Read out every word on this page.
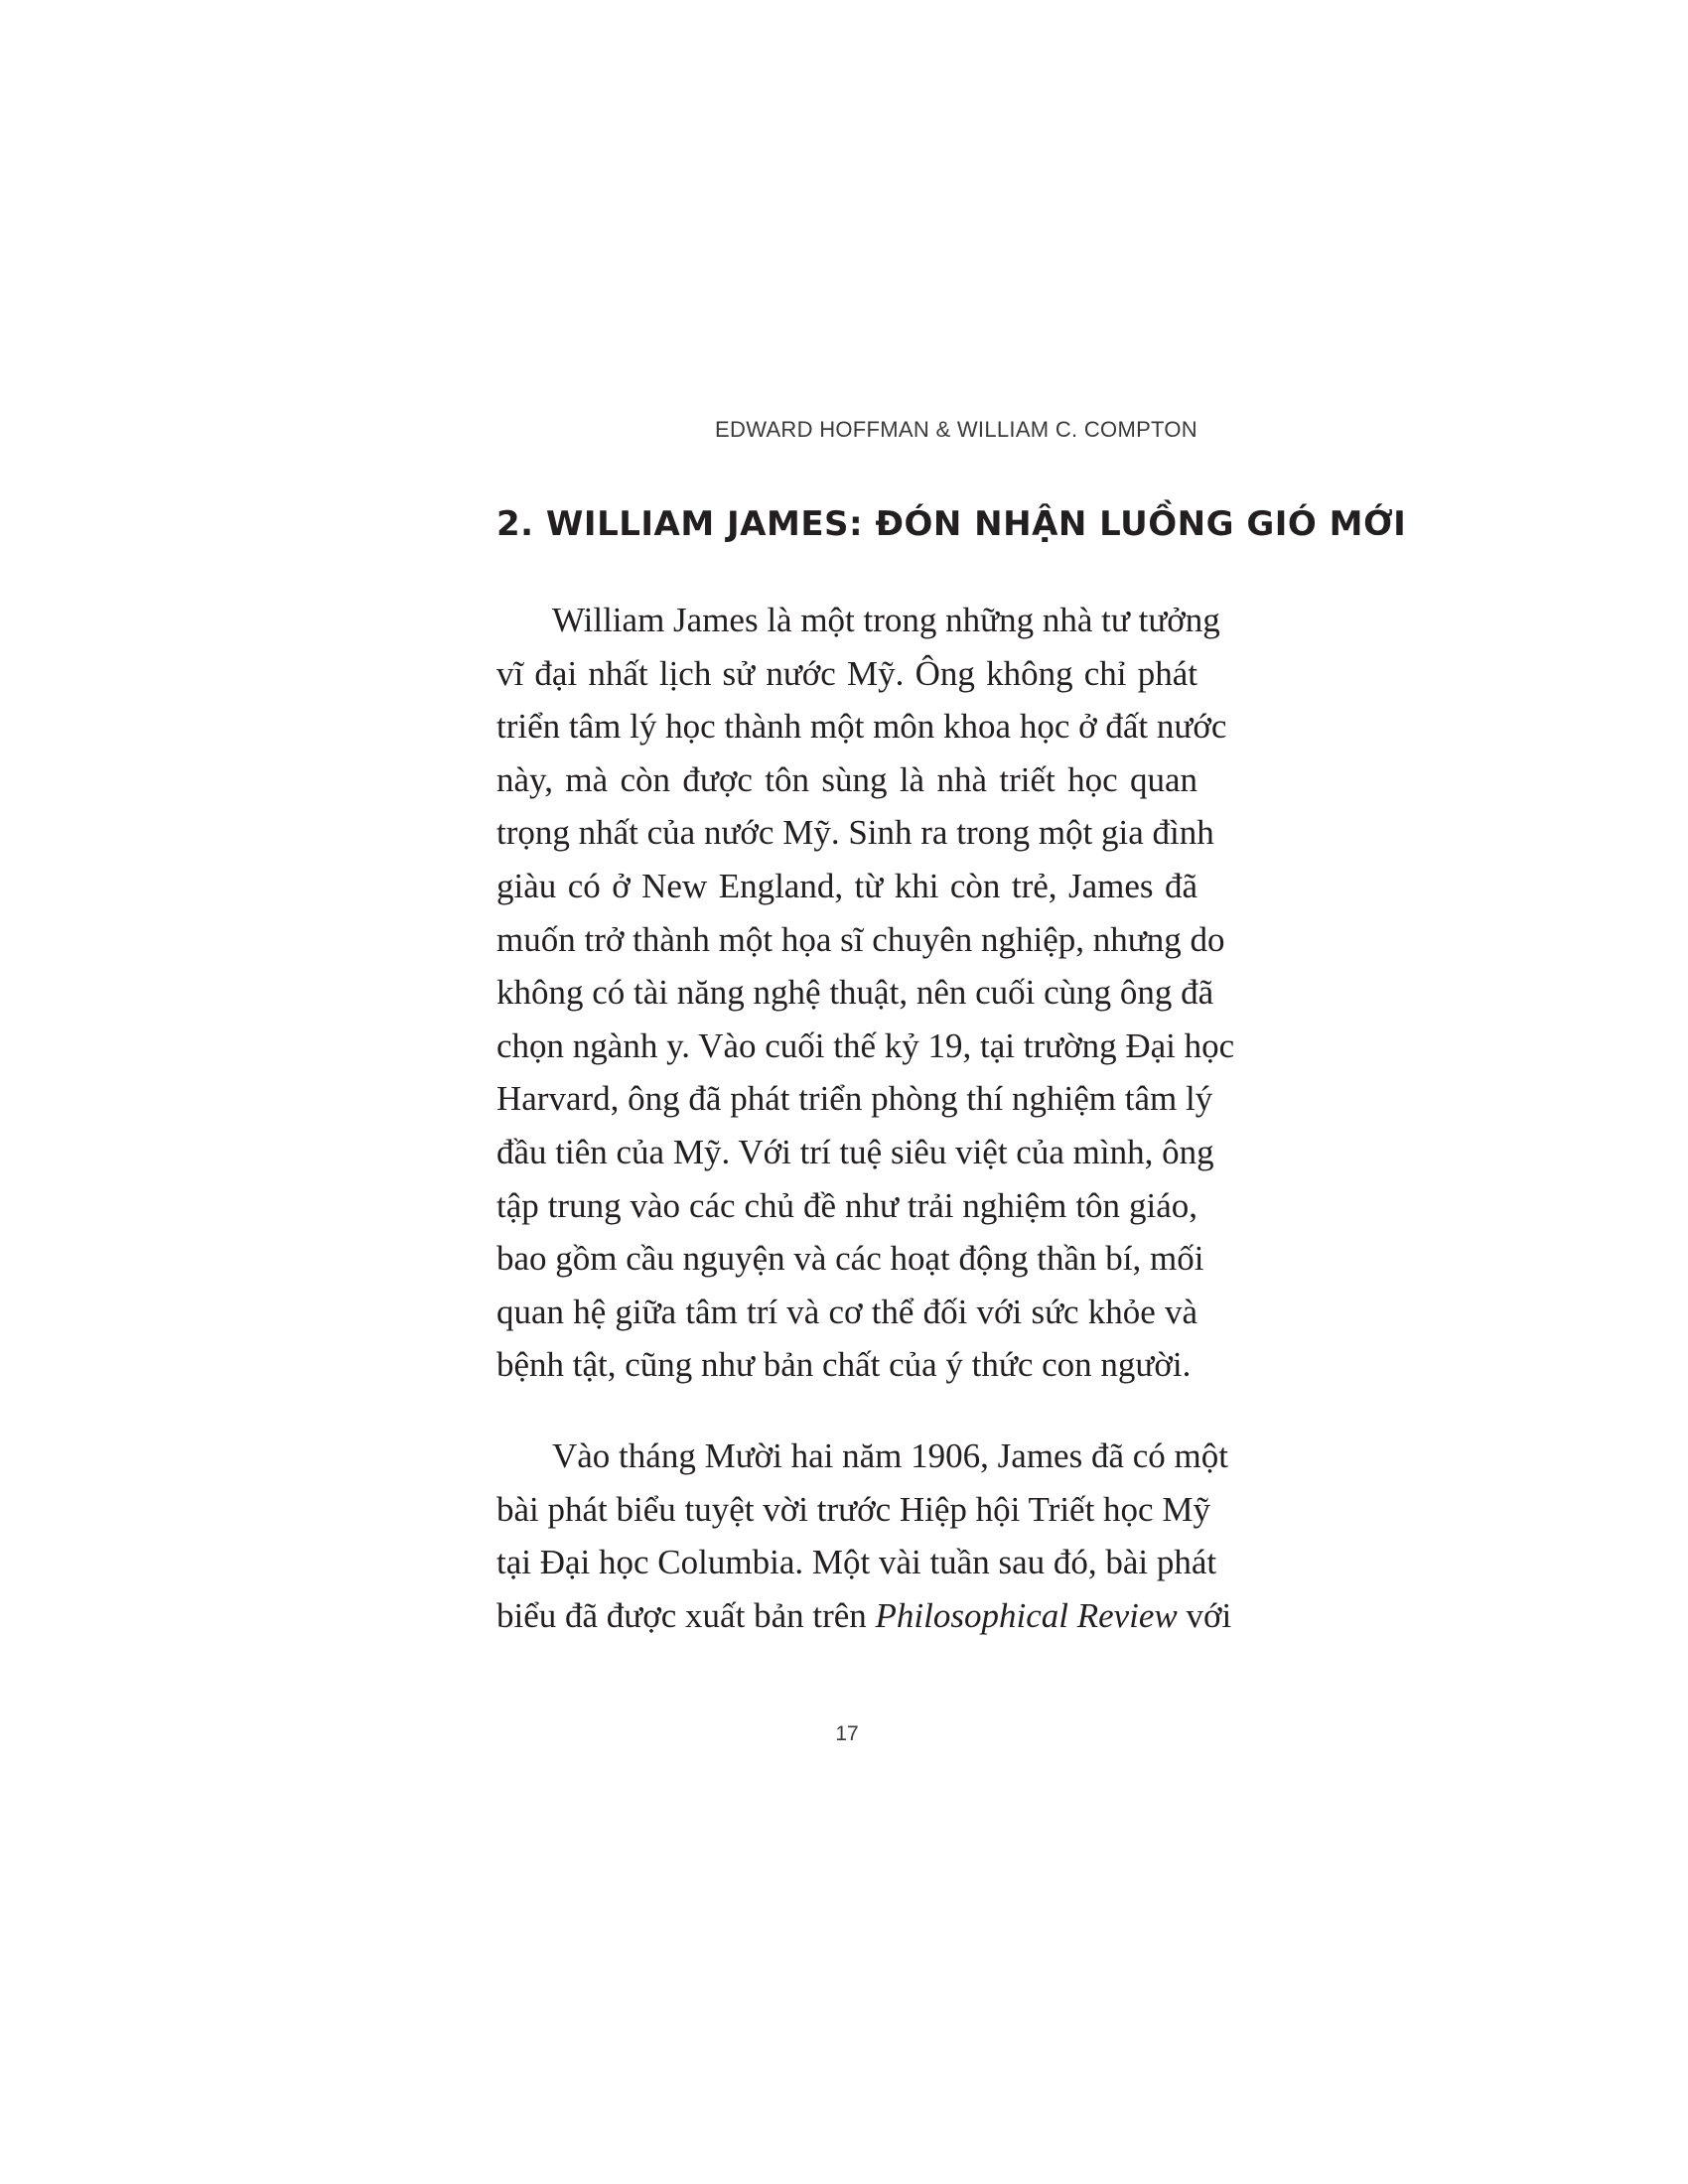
EDWARD HOFFMAN & WILLIAM C. COMPTON
2. WILLIAM JAMES: ĐÓN NHẬN LUỒNG GIÓ MỚI
William James là một trong những nhà tư tưởng
vĩ đại nhất lịch sử nước Mỹ. Ông không chỉ phát
triển tâm lý học thành một môn khoa học ở đất nước
này, mà còn được tôn sùng là nhà triết học quan
trọng nhất của nước Mỹ. Sinh ra trong một gia đình
giàu có ở New England, từ khi còn trẻ, James đã
muốn trở thành một họa sĩ chuyên nghiệp, nhưng do
không có tài năng nghệ thuật, nên cuối cùng ông đã
chọn ngành y. Vào cuối thế kỷ 19, tại trường Đại học
Harvard, ông đã phát triển phòng thí nghiệm tâm lý
đầu tiên của Mỹ. Với trí tuệ siêu việt của mình, ông
tập trung vào các chủ đề như trải nghiệm tôn giáo,
bao gồm cầu nguyện và các hoạt động thần bí, mối
quan hệ giữa tâm trí và cơ thể đối với sức khỏe và
bệnh tật, cũng như bản chất của ý thức con người.
Vào tháng Mười hai năm 1906, James đã có một
bài phát biểu tuyệt vời trước Hiệp hội Triết học Mỹ
tại Đại học Columbia. Một vài tuần sau đó, bài phát
biểu đã được xuất bản trên Philosophical Review với
17
